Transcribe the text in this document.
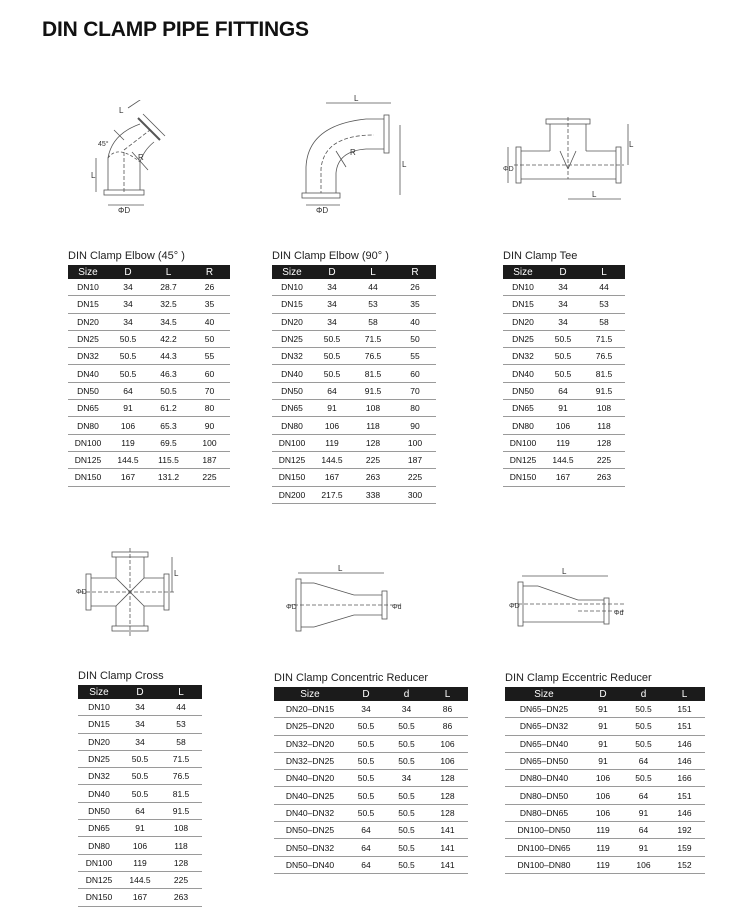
DIN CLAMP PIPE FITTINGS
L
45°
R
L
ΦD
L
L
R
ΦD
ΦD
L
L
ΦD
L
L
ΦD	Φd
L
ΦD
Φd
DIN Clamp Elbow (45° )
Size	D	L	R
DN10	34	28.7	26
DN15	34	32.5	35
DN20	34	34.5	40
DN25	50.5	42.2	50
DN32	50.5	44.3	55
DN40	50.5	46.3	60
DN50	64	50.5	70
DN65	91	61.2	80
DN80	106	65.3	90
DN100	119	69.5	100
DN125	144.5	115.5	187
DN150	167	131.2	225
DIN Clamp Elbow (90° )
Size	D	L	R
DN10	34	44	26
DN15	34	53	35
DN20	34	58	40
DN25	50.5	71.5	50
DN32	50.5	76.5	55
DN40	50.5	81.5	60
DN50	64	91.5	70
DN65	91	108	80
DN80	106	118	90
DN100	119	128	100
DN125	144.5	225	187
DN150	167	263	225
DN200	217.5	338	300
DIN Clamp Tee
Size	D	L
DN10	34	44
DN15	34	53
DN20	34	58
DN25	50.5	71.5
DN32	50.5	76.5
DN40	50.5	81.5
DN50	64	91.5
DN65	91	108
DN80	106	118
DN100	119	128
DN125	144.5	225
DN150	167	263
DIN Clamp Cross
Size	D	L
DN10	34	44
DN15	34	53
DN20	34	58
DN25	50.5	71.5
DN32	50.5	76.5
DN40	50.5	81.5
DN50	64	91.5
DN65	91	108
DN80	106	118
DN100	119	128
DN125	144.5	225
DN150	167	263
DIN Clamp Concentric Reducer
Size	D	d	L
DN20–DN15	34	34	86
DN25–DN20	50.5	50.5	86
DN32–DN20	50.5	50.5	106
DN32–DN25	50.5	50.5	106
DN40–DN20	50.5	34	128
DN40–DN25	50.5	50.5	128
DN40–DN32	50.5	50.5	128
DN50–DN25	64	50.5	141
DN50–DN32	64	50.5	141
DN50–DN40	64	50.5	141
DIN Clamp Eccentric Reducer
Size	D	d	L
DN65–DN25	91	50.5	151
DN65–DN32	91	50.5	151
DN65–DN40	91	50.5	146
DN65–DN50	91	64	146
DN80–DN40	106	50.5	166
DN80–DN50	106	64	151
DN80–DN65	106	91	146
DN100–DN50	119	64	192
DN100–DN65	119	91	159
DN100–DN80	119	106	152
